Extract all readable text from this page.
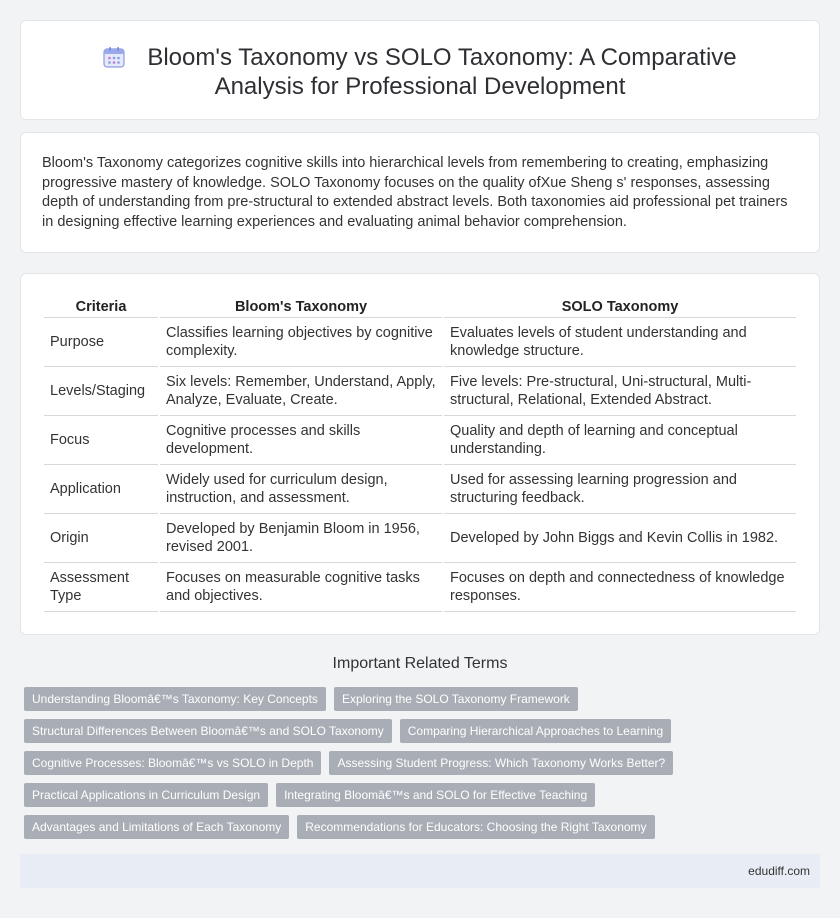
Bloom's Taxonomy vs SOLO Taxonomy: A Comparative Analysis for Professional Development

Bloom's Taxonomy categorizes cognitive skills into hierarchical levels from remembering to creating, emphasizing progressive mastery of knowledge. SOLO Taxonomy focuses on the quality ofXue Sheng s' responses, assessing depth of understanding from pre-structural to extended abstract levels. Both taxonomies aid professional pet trainers in designing effective learning experiences and evaluating animal behavior comprehension.

Criteria	Bloom's Taxonomy	SOLO Taxonomy
Purpose	Classifies learning objectives by cognitive complexity.	Evaluates levels of student understanding and knowledge structure.
Levels/Staging	Six levels: Remember, Understand, Apply, Analyze, Evaluate, Create.	Five levels: Pre-structural, Uni-structural, Multi-structural, Relational, Extended Abstract.
Focus	Cognitive processes and skills development.	Quality and depth of learning and conceptual understanding.
Application	Widely used for curriculum design, instruction, and assessment.	Used for assessing learning progression and structuring feedback.
Origin	Developed by Benjamin Bloom in 1956, revised 2001.	Developed by John Biggs and Kevin Collis in 1982.
Assessment Type	Focuses on measurable cognitive tasks and objectives.	Focuses on depth and connectedness of knowledge responses.
Important Related Terms
Understanding Bloomâ€™s Taxonomy: Key Concepts Exploring the SOLO Taxonomy Framework
Structural Differences Between Bloomâ€™s and SOLO Taxonomy Comparing Hierarchical Approaches to Learning
Cognitive Processes: Bloomâ€™s vs SOLO in Depth Assessing Student Progress: Which Taxonomy Works Better?
Practical Applications in Curriculum Design Integrating Bloomâ€™s and SOLO for Effective Teaching
Advantages and Limitations of Each Taxonomy Recommendations for Educators: Choosing the Right Taxonomy
edudiff.com
